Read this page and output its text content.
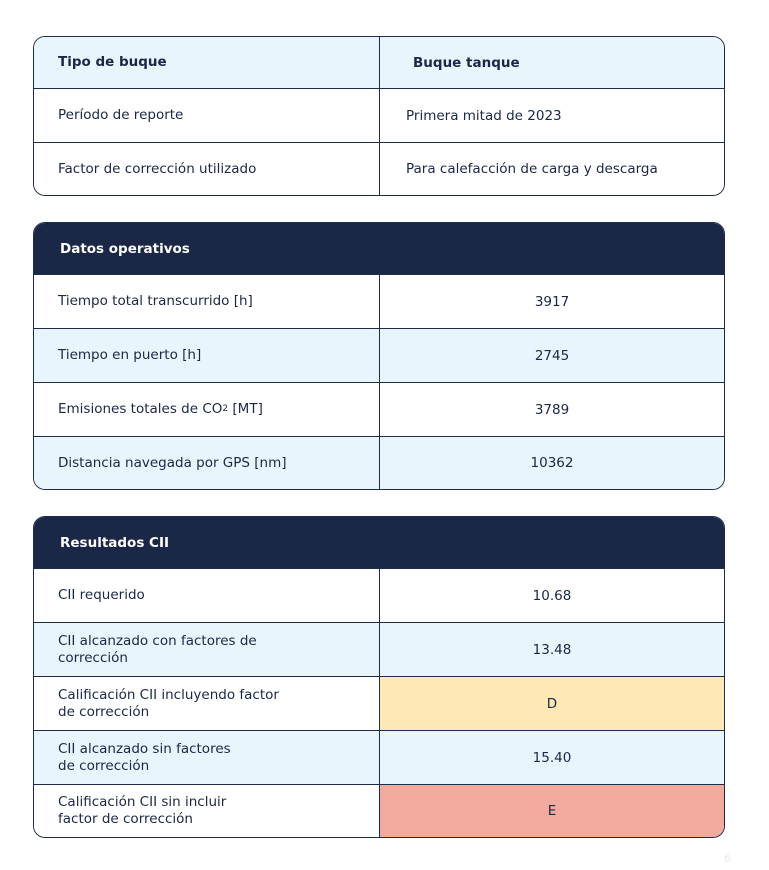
Tipo de buque	Buque tanque
Período de reporte	Primera mitad de 2023
Factor de corrección utilizado	Para calefacción de carga y descarga
Datos operativos
Tiempo total transcurrido [h]	3917
Tiempo en puerto [h]	2745
Emisiones totales de CO 2 [MT]	3789
Distancia navegada por GPS [nm]	10362
Resultados CII
CII requerido	10.68
CII alcanzado con factores de
corrección	13.48
Calificación CII incluyendo factor
de corrección	D
CII alcanzado sin factores
de corrección	15.40
Calificación CII sin incluir
factor de corrección	E
6
